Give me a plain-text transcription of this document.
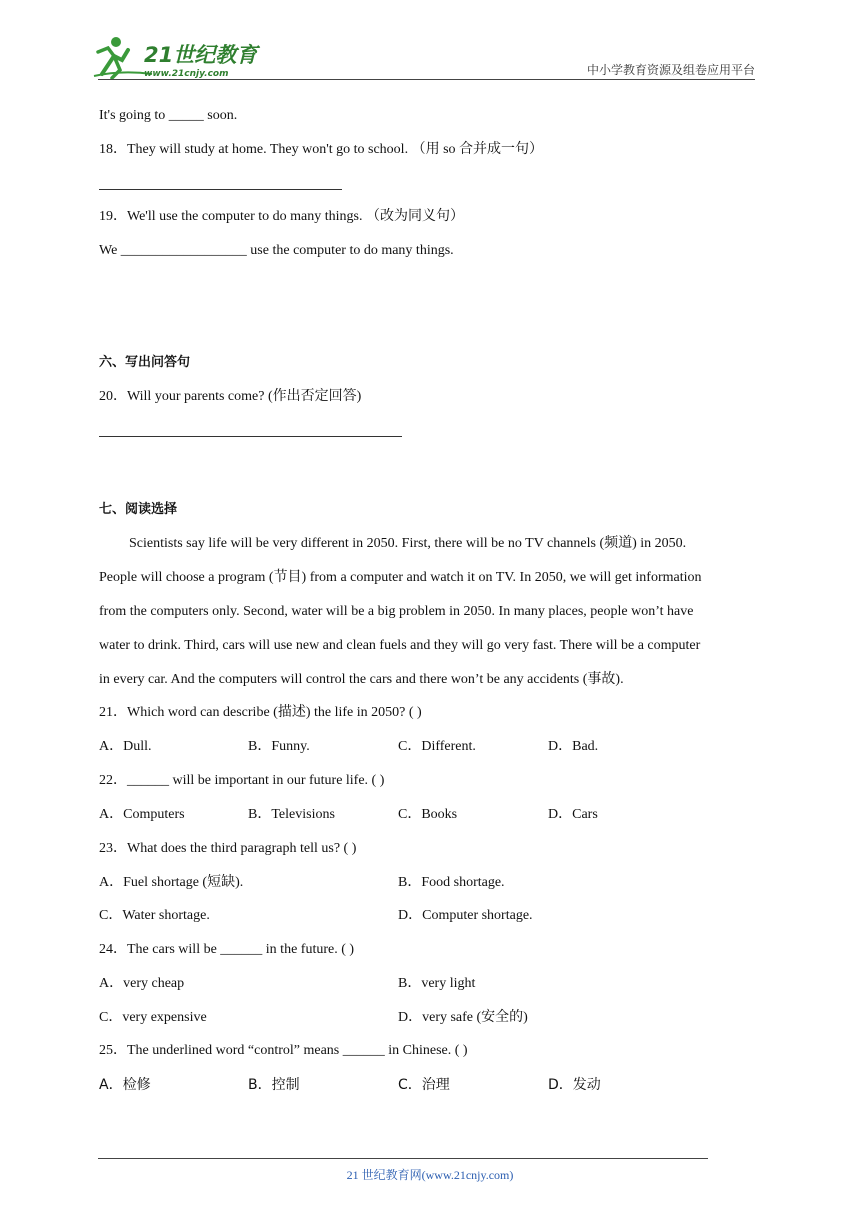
21世纪教育
www.21cnjy.com	中小学教育资源及组卷应用平台
It's going to _____ soon.
18．They will study at home. They won't go to school. （用 so 合并成一句）
19．We'll use the computer to do many things. （改为同义句）
We __________________ use the computer to do many things.
六、写出问答句
20．Will your parents come? (作出否定回答)
七、阅读选择
Scientists say life will be very different in 2050. First, there will be no TV channels (频道) in 2050.
People will choose a program (节目) from a computer and watch it on TV. In 2050, we will get information
from the computers only. Second, water will be a big problem in 2050. In many places, people won’t have
water to drink. Third, cars will use new and clean fuels and they will go very fast. There will be a computer
in every car. And the computers will control the cars and there won’t be any accidents (事故).
21．Which word can describe (描述) the life in 2050? ( )
A．Dull.	B．Funny.	C．Different.	D．Bad.
22．______ will be important in our future life. ( )
A．Computers	B．Televisions	C．Books	D．Cars
23．What does the third paragraph tell us? ( )
A．Fuel shortage (短缺).	B．Food shortage.
C．Water shortage.	D．Computer shortage.
24．The cars will be ______ in the future. ( )
A．very cheap	B．very light
C．very expensive	D．very safe (安全的)
25．The underlined word “control” means ______ in Chinese. ( )
A．检修	B．控制	C．治理	D．发动
21 世纪教育网(www.21cnjy.com)
